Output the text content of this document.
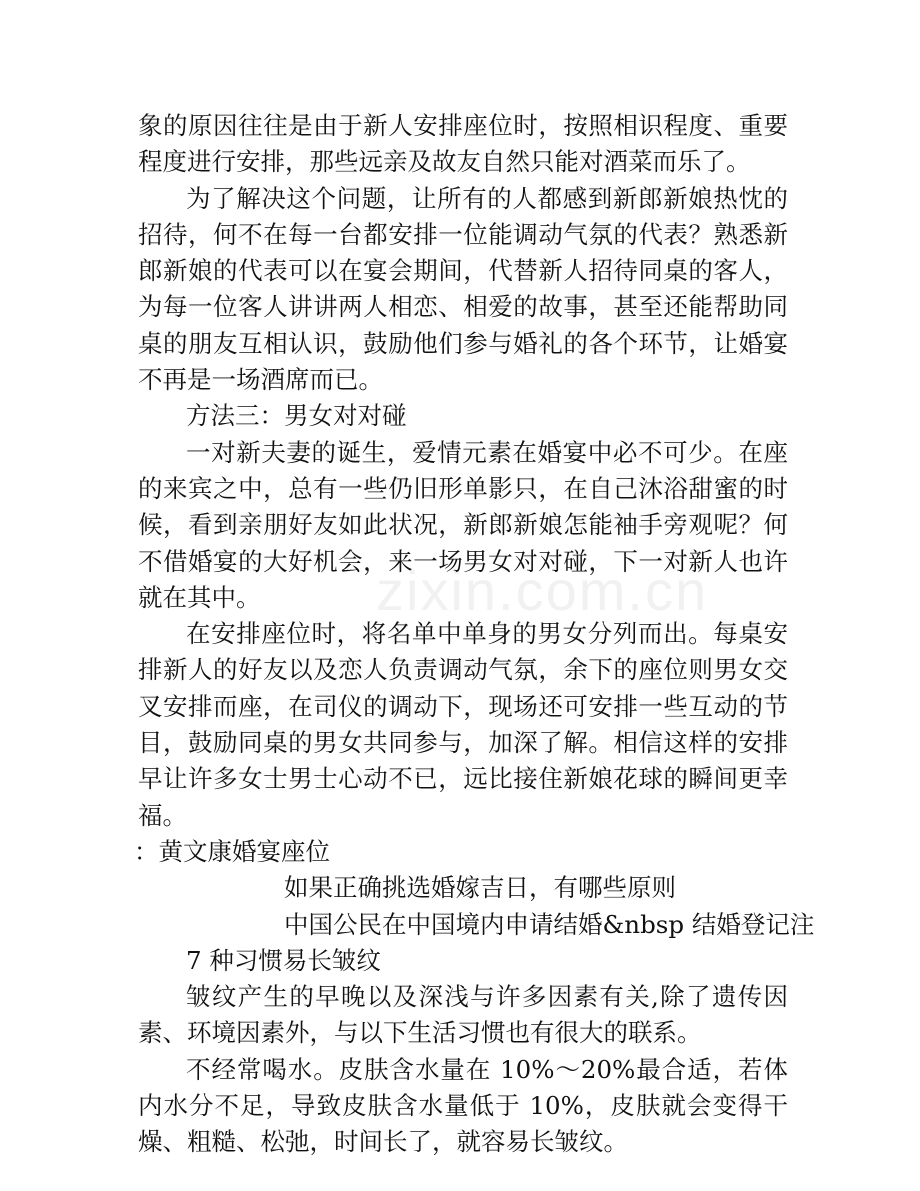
zixin.com.cn

象的原因往往是由于新人安排座位时，按照相识程度、重要程度进行安排，那些远亲及故友自然只能对酒菜而乐了。

为了解决这个问题，让所有的人都感到新郎新娘热忱的招待，何不在每一台都安排一位能调动气氛的代表？熟悉新郎新娘的代表可以在宴会期间，代替新人招待同桌的客人，为每一位客人讲讲两人相恋、相爱的故事，甚至还能帮助同桌的朋友互相认识，鼓励他们参与婚礼的各个环节，让婚宴不再是一场酒席而已。

方法三：男女对对碰

一对新夫妻的诞生，爱情元素在婚宴中必不可少。在座的来宾之中，总有一些仍旧形单影只，在自己沐浴甜蜜的时候，看到亲朋好友如此状况，新郎新娘怎能袖手旁观呢？何不借婚宴的大好机会，来一场男女对对碰，下一对新人也许就在其中。

在安排座位时，将名单中单身的男女分列而出。每桌安排新人的好友以及恋人负责调动气氛，余下的座位则男女交叉安排而座，在司仪的调动下，现场还可安排一些互动的节目，鼓励同桌的男女共同参与，加深了解。相信这样的安排早让许多女士男士心动不已，远比接住新娘花球的瞬间更幸福。

：黄文康婚宴座位

如果正确挑选婚嫁吉日，有哪些原则

中国公民在中国境内申请结婚&nbsp 结婚登记注

7 种习惯易长皱纹

皱纹产生的早晚以及深浅与许多因素有关,除了遗传因素、环境因素外，与以下生活习惯也有很大的联系。

不经常喝水。皮肤含水量在 10%～20%最合适，若体内水分不足，导致皮肤含水量低于 10%，皮肤就会变得干燥、粗糙、松弛，时间长了，就容易长皱纹。
